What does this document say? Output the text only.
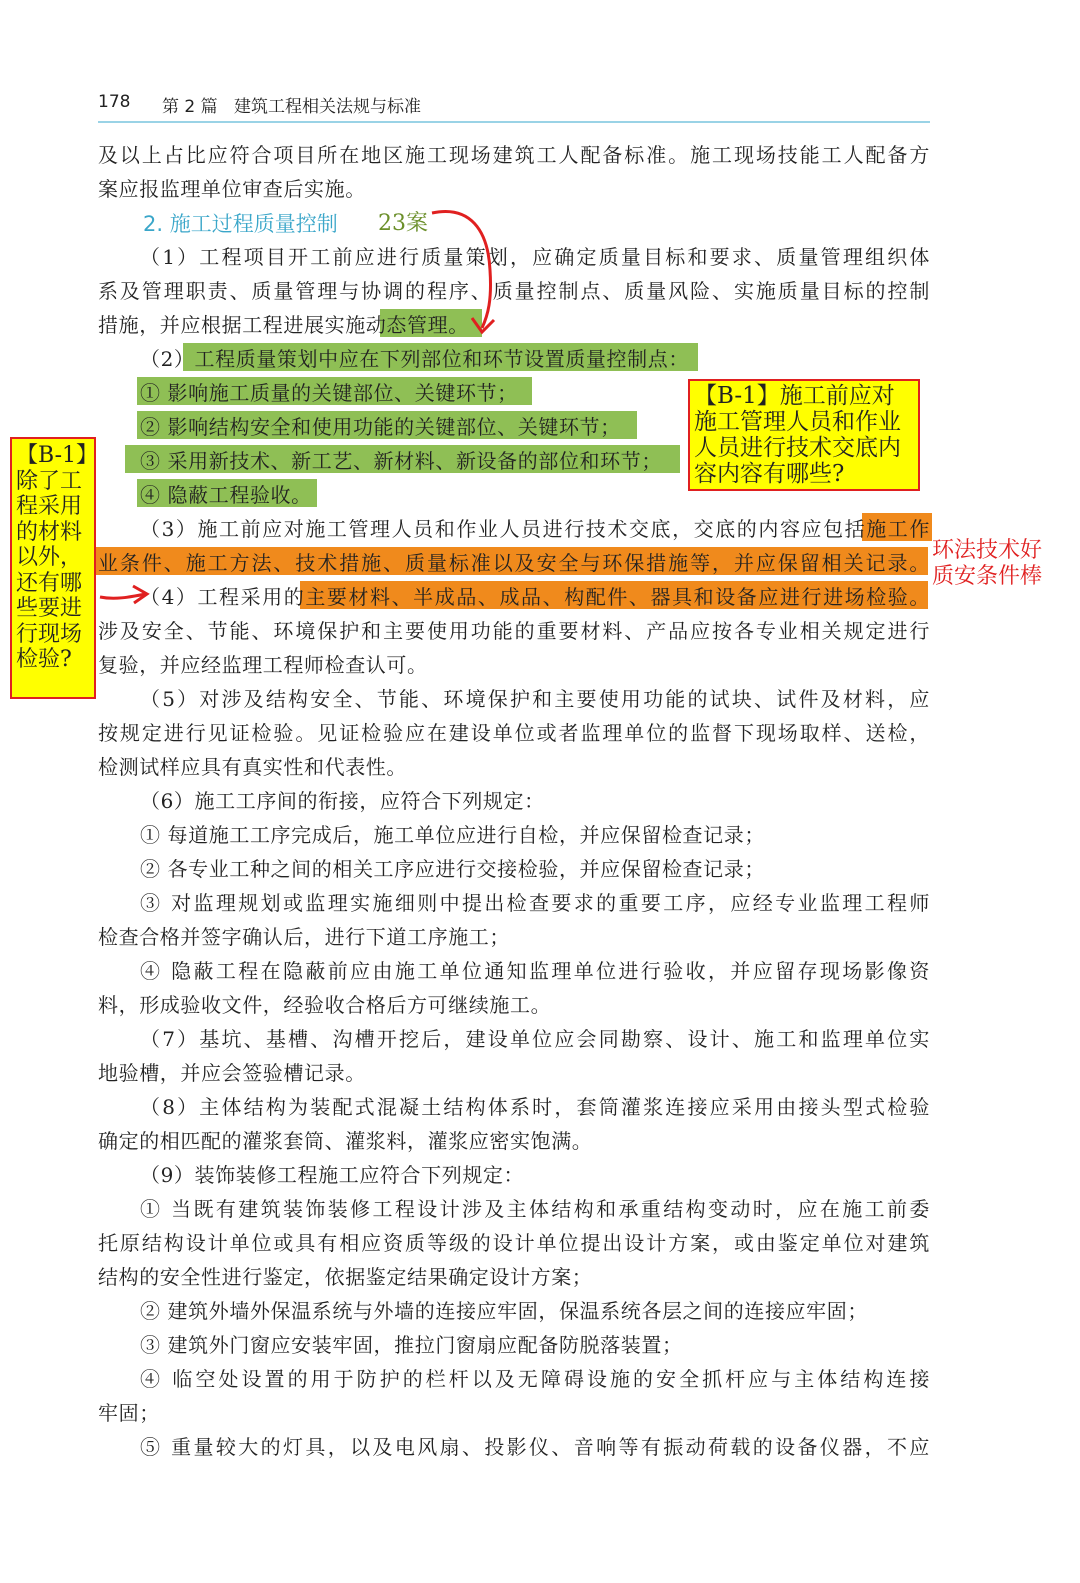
178 第 2 篇 建筑工程相关法规与标准
及以上占比应符合项目所在地区施工现场建筑工人配备标准。施工现场技能工人配备方
案应报监理单位审查后实施。
2. 施工过程质量控制 23案
（1）工程项目开工前应进行质量策划，应确定质量目标和要求、质量管理组织体
系及管理职责、质量管理与协调的程序、质量控制点、质量风险、实施质量目标的控制
措施，并应根据工程进展实施动态管理。
（2）工程质量策划中应在下列部位和环节设置质量控制点：
① 影响施工质量的关键部位、关键环节；
② 影响结构安全和使用功能的关键部位、关键环节；
③ 采用新技术、新工艺、新材料、新设备的部位和环节；
④ 隐蔽工程验收。
（3）施工前应对施工管理人员和作业人员进行技术交底，交底的内容应包括施工作
业条件、施工方法、技术措施、质量标准以及安全与环保措施等，并应保留相关记录。
（4）工程采用的主要材料、半成品、成品、构配件、器具和设备应进行进场检验。
涉及安全、节能、环境保护和主要使用功能的重要材料、产品应按各专业相关规定进行
复验，并应经监理工程师检查认可。
（5）对涉及结构安全、节能、环境保护和主要使用功能的试块、试件及材料，应
按规定进行见证检验。见证检验应在建设单位或者监理单位的监督下现场取样、送检，
检测试样应具有真实性和代表性。
（6）施工工序间的衔接，应符合下列规定：
① 每道施工工序完成后，施工单位应进行自检，并应保留检查记录；
② 各专业工种之间的相关工序应进行交接检验，并应保留检查记录；
③ 对监理规划或监理实施细则中提出检查要求的重要工序，应经专业监理工程师
检查合格并签字确认后，进行下道工序施工；
④ 隐蔽工程在隐蔽前应由施工单位通知监理单位进行验收，并应留存现场影像资
料，形成验收文件，经验收合格后方可继续施工。
（7）基坑、基槽、沟槽开挖后，建设单位应会同勘察、设计、施工和监理单位实
地验槽，并应会签验槽记录。
（8）主体结构为装配式混凝土结构体系时，套筒灌浆连接应采用由接头型式检验
确定的相匹配的灌浆套筒、灌浆料，灌浆应密实饱满。
（9）装饰装修工程施工应符合下列规定：
① 当既有建筑装饰装修工程设计涉及主体结构和承重结构变动时，应在施工前委
托原结构设计单位或具有相应资质等级的设计单位提出设计方案，或由鉴定单位对建筑
结构的安全性进行鉴定，依据鉴定结果确定设计方案；
② 建筑外墙外保温系统与外墙的连接应牢固，保温系统各层之间的连接应牢固；
③ 建筑外门窗应安装牢固，推拉门窗扇应配备防脱落装置；
④ 临空处设置的用于防护的栏杆以及无障碍设施的安全抓杆应与主体结构连接
牢固；
⑤ 重量较大的灯具，以及电风扇、投影仪、音响等有振动荷载的设备仪器，不应
【B-1】施工前应对施工管理人员和作业人员进行技术交底内容内容有哪些?
【B-1】除了工程采用的材料以外，还有哪些要进行现场检验?
环法技术好
质安条件棒
